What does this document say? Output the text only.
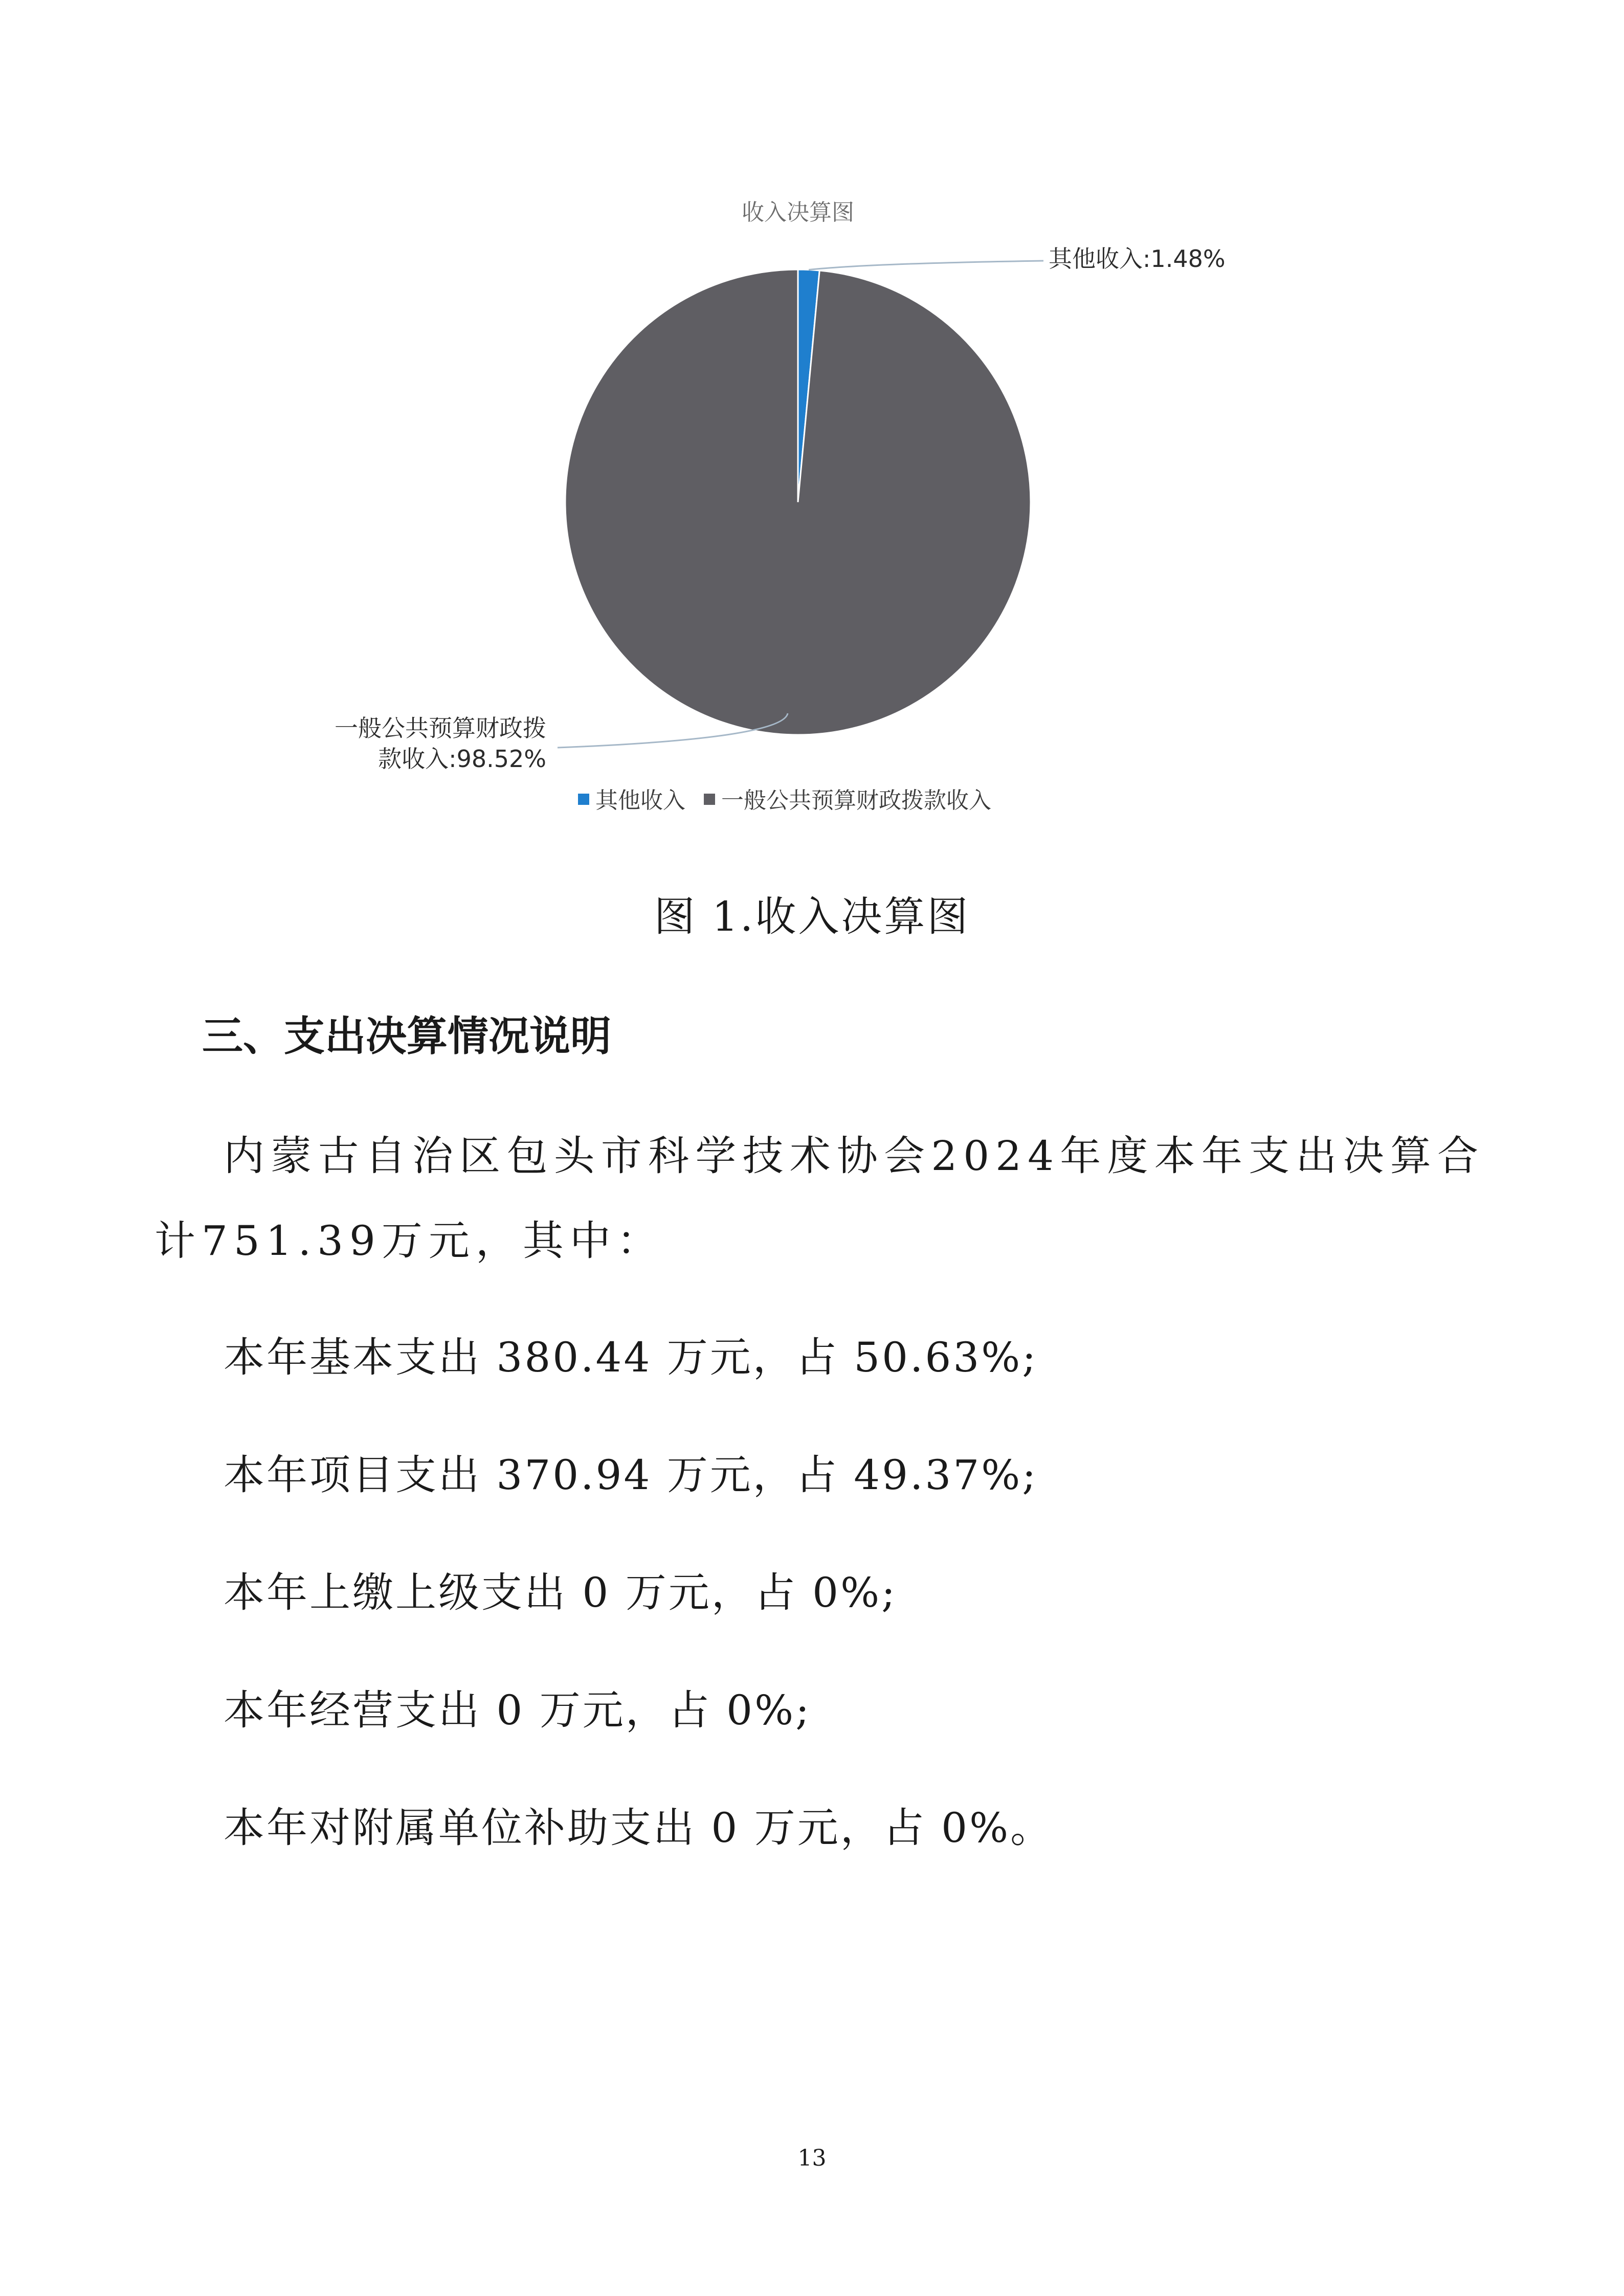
收入决算图
其他收入:1.48%
一般公共预算财政拨
款收入:98.52%
其他收入 一般公共预算财政拨款收入
图 1.收入决算图
三、支出决算情况说明
内蒙古自治区包头市科学技术协会2024年度本年支出决算合计751.39万元，其中：
本年基本支出 380.44 万元，占 50.63%;
本年项目支出 370.94 万元，占 49.37%;
本年上缴上级支出 0 万元，占 0%;
本年经营支出 0 万元，占 0%;
本年对附属单位补助支出 0 万元，占 0%。
13
